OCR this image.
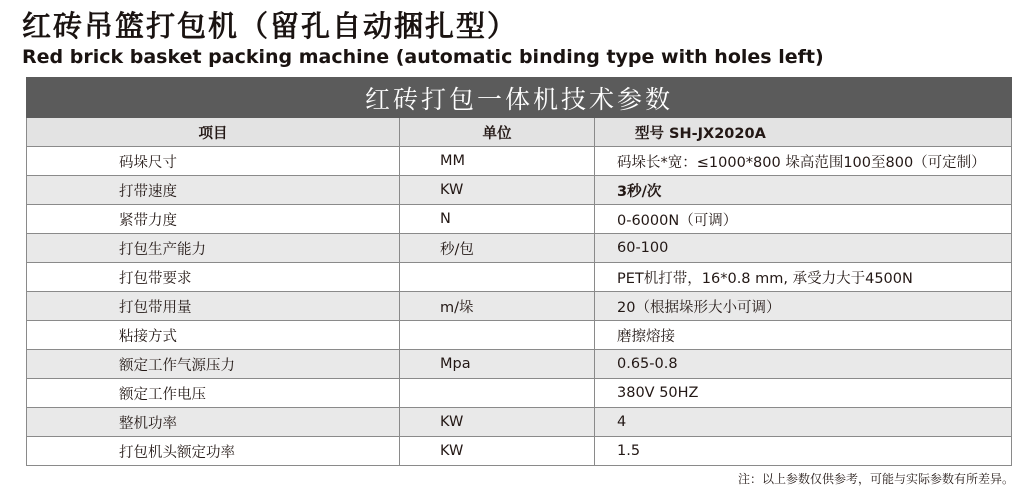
红砖吊篮打包机（留孔自动捆扎型）
Red brick basket packing machine (automatic binding type with holes left)
红砖打包一体机技术参数		
项目	单位	型号 SH-JX2020A
码垛尺寸	MM	码垛长*宽：≤1000*800 垛高范围100至800（可定制）
打带速度	KW	3秒/次
紧带力度	N	0-6000N（可调）
打包生产能力	秒/包	60-100
打包带要求		PET机打带，16*0.8 mm, 承受力大于4500N
打包带用量	m/垛	20（根据垛形大小可调）
粘接方式		磨擦熔接
额定工作气源压力	Mpa	0.65-0.8
额定工作电压		380V 50HZ
整机功率	KW	4
打包机头额定功率	KW	1.5
注：以上参数仅供参考，可能与实际参数有所差异。
